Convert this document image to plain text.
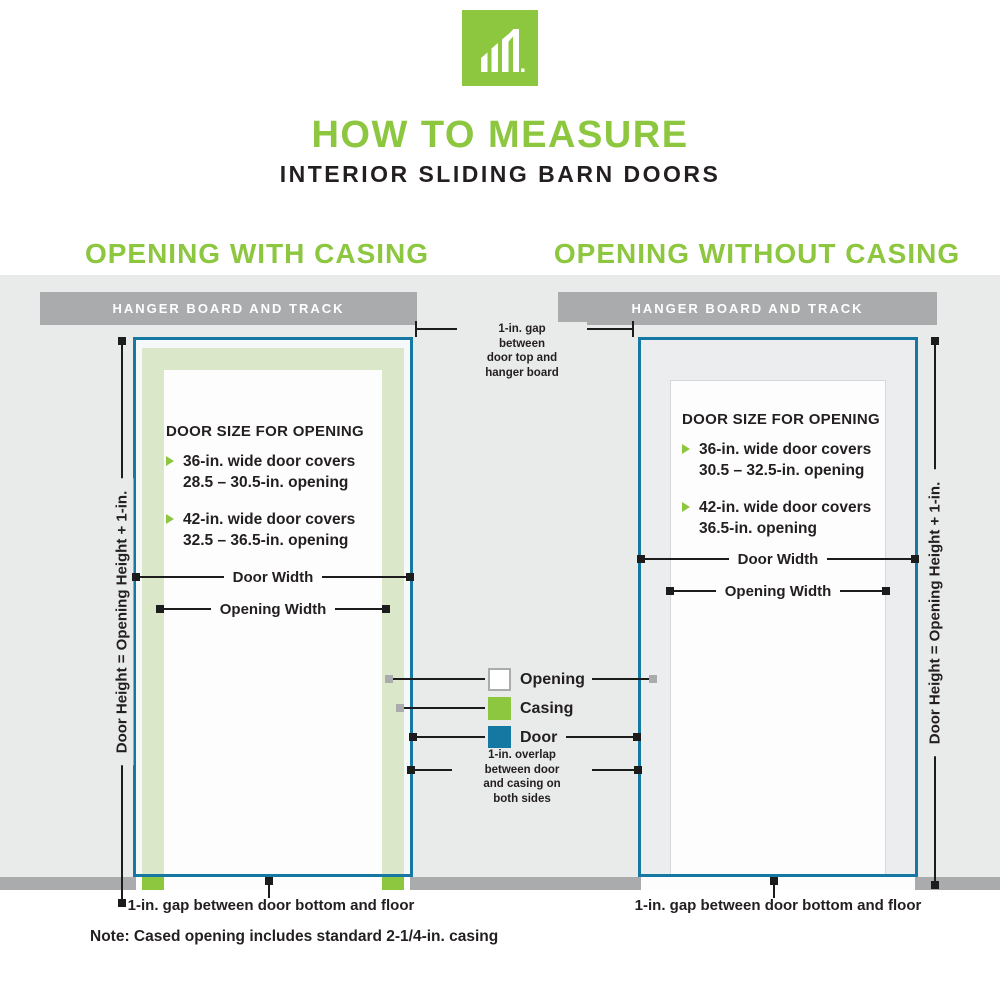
HOW TO MEASURE
INTERIOR SLIDING BARN DOORS
OPENING WITH CASING	OPENING WITHOUT CASING
HANGER BOARD AND TRACK	HANGER BOARD AND TRACK
DOOR SIZE FOR OPENING
36-in. wide door covers
28.5 – 30.5-in. opening
42-in. wide door covers
32.5 – 36.5-in. opening
DOOR SIZE FOR OPENING
36-in. wide door covers
30.5 – 32.5-in. opening
42-in. wide door covers
36.5-in. opening
Door Height = Opening Height + 1-in.	Door Height = Opening Height + 1-in.
Door Width
Opening Width
Door Width
Opening Width
1-in. gap
between
door top and
hanger board
Opening
Casing
Door
1-in. overlap
between door
and casing on
both sides
1-in. gap between door bottom and floor	1-in. gap between door bottom and floor
Note: Cased opening includes standard 2-1/4-in. casing
